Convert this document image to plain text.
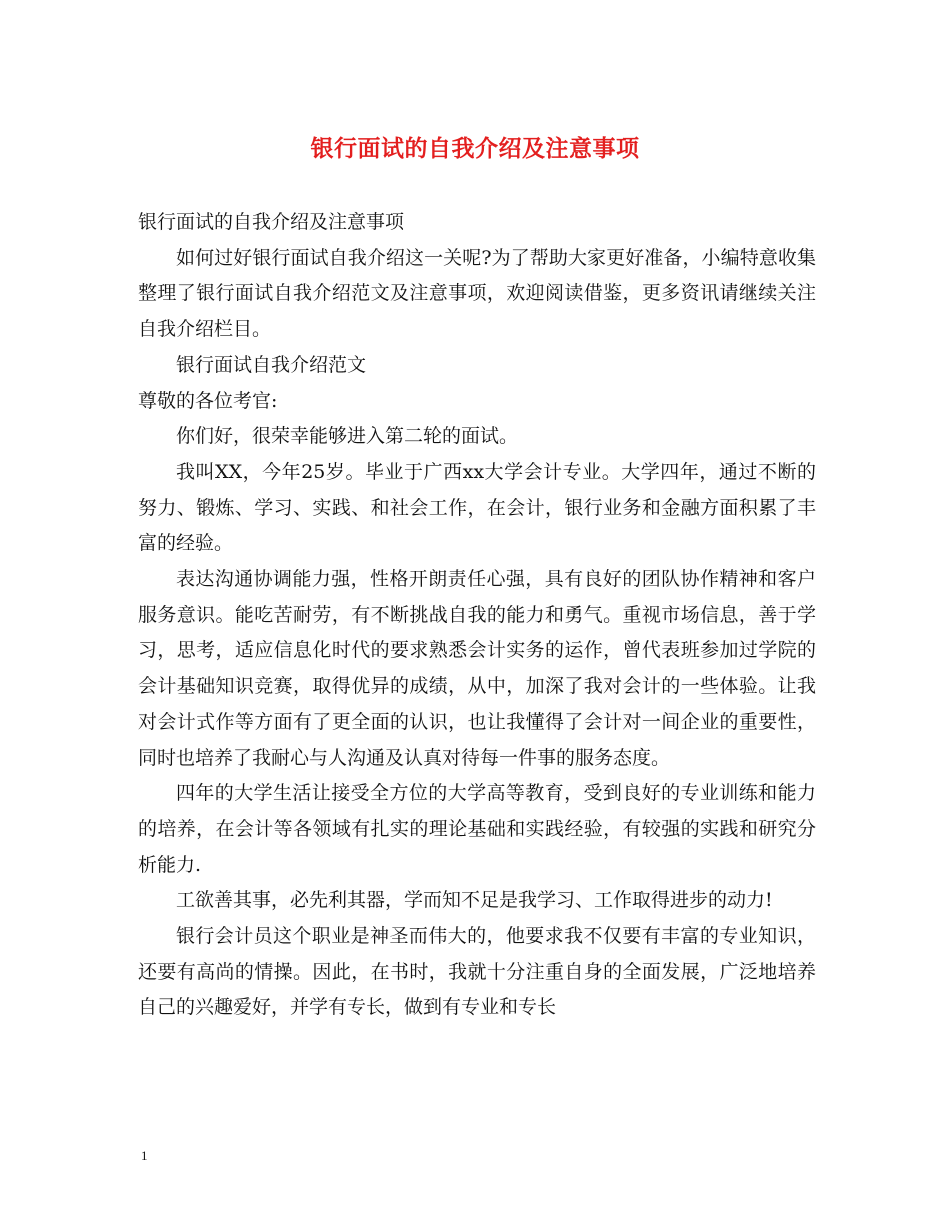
银行面试的自我介绍及注意事项

银行面试的自我介绍及注意事项

如何过好银行面试自我介绍这一关呢?为了帮助大家更好准备，小编特意收集整理了银行面试自我介绍范文及注意事项，欢迎阅读借鉴，更多资讯请继续关注自我介绍栏目。

银行面试自我介绍范文

尊敬的各位考官:

你们好，很荣幸能够进入第二轮的面试。

我叫XX，今年25岁。毕业于广西xx大学会计专业。大学四年，通过不断的努力、锻炼、学习、实践、和社会工作，在会计，银行业务和金融方面积累了丰富的经验。

表达沟通协调能力强，性格开朗责任心强，具有良好的团队协作精神和客户服务意识。能吃苦耐劳，有不断挑战自我的能力和勇气。重视市场信息，善于学习，思考，适应信息化时代的要求熟悉会计实务的运作，曾代表班参加过学院的会计基础知识竞赛，取得优异的成绩，从中，加深了我对会计的一些体验。让我对会计式作等方面有了更全面的认识，也让我懂得了会计对一间企业的重要性，同时也培养了我耐心与人沟通及认真对待每一件事的服务态度。

四年的大学生活让接受全方位的大学高等教育，受到良好的专业训练和能力的培养，在会计等各领域有扎实的理论基础和实践经验，有较强的实践和研究分析能力.

工欲善其事，必先利其器，学而知不足是我学习、工作取得进步的动力!

银行会计员这个职业是神圣而伟大的，他要求我不仅要有丰富的专业知识，还要有高尚的情操。因此，在书时，我就十分注重自身的全面发展，广泛地培养自己的兴趣爱好，并学有专长，做到有专业和专长

1
